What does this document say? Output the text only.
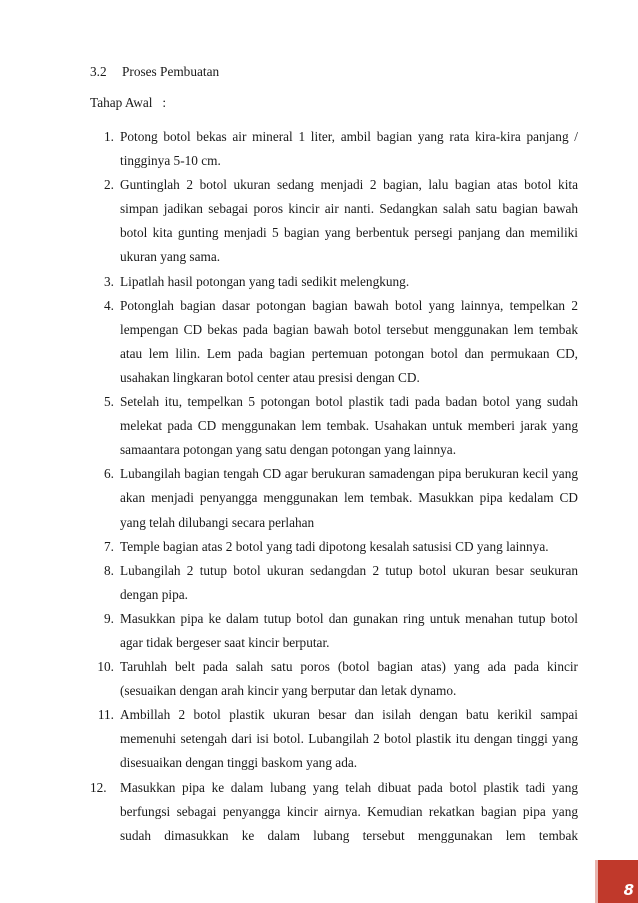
3.2 Proses Pembuatan
Tahap Awal   :
1. Potong botol bekas air mineral 1 liter, ambil bagian yang rata kira-kira panjang / tingginya 5-10 cm.
2. Guntinglah 2 botol ukuran sedang menjadi 2 bagian, lalu bagian atas botol kita simpan jadikan sebagai poros kincir air nanti. Sedangkan salah satu bagian bawah botol kita gunting menjadi 5 bagian yang berbentuk persegi panjang dan memiliki ukuran yang sama.
3. Lipatlah hasil potongan yang tadi sedikit melengkung.
4. Potonglah bagian dasar potongan bagian bawah botol yang lainnya, tempelkan 2 lempengan CD bekas pada bagian bawah botol tersebut menggunakan lem tembak atau lem lilin. Lem pada bagian pertemuan potongan botol dan permukaan CD, usahakan lingkaran botol center atau presisi dengan CD.
5. Setelah itu, tempelkan 5 potongan botol plastik tadi pada badan botol yang sudah melekat pada CD menggunakan lem tembak. Usahakan untuk memberi jarak yang samaantara potongan yang satu dengan potongan yang lainnya.
6. Lubangilah bagian tengah CD agar berukuran samadengan pipa berukuran kecil yang akan menjadi penyangga menggunakan lem tembak. Masukkan pipa kedalam CD yang telah dilubangi secara perlahan
7. Temple bagian atas 2 botol yang tadi dipotong kesalah satusisi CD yang lainnya.
8. Lubangilah 2 tutup botol ukuran sedangdan 2 tutup botol ukuran besar seukuran dengan pipa.
9. Masukkan pipa ke dalam tutup botol dan gunakan ring untuk menahan tutup botol agar tidak bergeser saat kincir berputar.
10. Taruhlah belt pada salah satu poros (botol bagian atas) yang ada pada kincir (sesuaikan dengan arah kincir yang berputar dan letak dynamo.
11. Ambillah 2 botol plastik ukuran besar dan isilah dengan batu kerikil sampai memenuhi setengah dari isi botol. Lubangilah 2 botol plastik itu dengan tinggi yang disesuaikan dengan tinggi baskom yang ada.
12.	Masukkan pipa ke dalam lubang yang telah dibuat pada botol plastik tadi yang berfungsi sebagai penyangga kincir airnya. Kemudian rekatkan bagian pipa yang sudah dimasukkan ke dalam lubang tersebut menggunakan lem tembak
8
